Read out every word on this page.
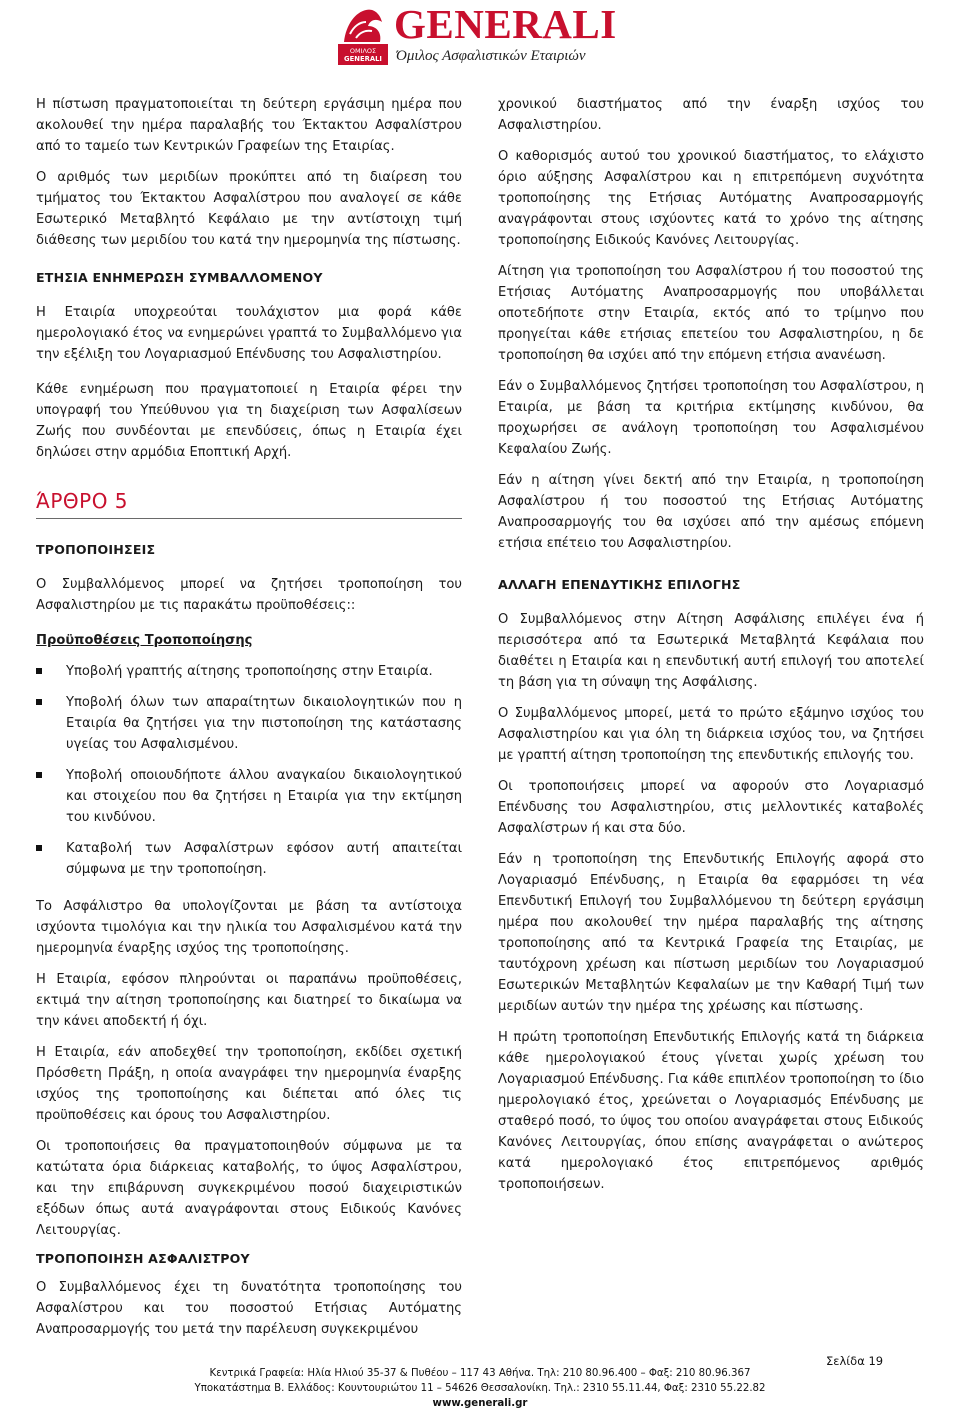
ΟΜΙΛΟΣ
GENERALI
GENERALI
Όμιλος Ασφαλιστικών Εταιριών

Η πίστωση πραγματοποιείται τη δεύτερη εργάσιμη ημέρα που ακολουθεί την ημέρα παραλαβής του Έκτακτου Ασφαλίστρου από το ταμείο των Κεντρικών Γραφείων της Εταιρίας.

Ο αριθμός των μεριδίων προκύπτει από τη διαίρεση του τμήματος του Έκτακτου Ασφαλίστρου που αναλογεί σε κάθε Εσωτερικό Μεταβλητό Κεφάλαιο με την αντίστοιχη τιμή διάθεσης των μεριδίου του κατά την ημερομηνία της πίστωσης.

ΕΤΗΣΙΑ ΕΝΗΜΕΡΩΣΗ ΣΥΜΒΑΛΛΟΜΕΝΟΥ

Η Εταιρία υποχρεούται τουλάχιστον μια φορά κάθε ημερολογιακό έτος να ενημερώνει γραπτά το Συμβαλλόμενο για την εξέλιξη του Λογαριασμού Επένδυσης του Ασφαλιστηρίου.

Κάθε ενημέρωση που πραγματοποιεί η Εταιρία φέρει την υπογραφή του Υπεύθυνου για τη διαχείριση των Ασφαλίσεων Ζωής που συνδέονται με επενδύσεις, όπως η Εταιρία έχει δηλώσει στην αρμόδια Εποπτική Αρχή.

ΆΡΘΡΟ 5
ΤΡΟΠΟΠΟΙΗΣΕΙΣ

Ο Συμβαλλόμενος μπορεί να ζητήσει τροποποίηση του Ασφαλιστηρίου με τις παρακάτω προϋποθέσεις::

Προϋποθέσεις Τροποποίησης
Υποβολή γραπτής αίτησης τροποποίησης στην Εταιρία.
Υποβολή όλων των απαραίτητων δικαιολογητικών που η Εταιρία θα ζητήσει για την πιστοποίηση της κατάστασης υγείας του Ασφαλισμένου.
Υποβολή οποιουδήποτε άλλου αναγκαίου δικαιολογητικού και στοιχείου που θα ζητήσει η Εταιρία για την εκτίμηση του κινδύνου.
Καταβολή των Ασφαλίστρων εφόσον αυτή απαιτείται σύμφωνα με την τροποποίηση.

Το Ασφάλιστρο θα υπολογίζονται με βάση τα αντίστοιχα ισχύοντα τιμολόγια και την ηλικία του Ασφαλισμένου κατά την ημερομηνία έναρξης ισχύος της τροποποίησης.

Η Εταιρία, εφόσον πληρούνται οι παραπάνω προϋποθέσεις, εκτιμά την αίτηση τροποποίησης και διατηρεί το δικαίωμα να την κάνει αποδεκτή ή όχι.

Η Εταιρία, εάν αποδεχθεί την τροποποίηση, εκδίδει σχετική Πρόσθετη Πράξη, η οποία αναγράφει την ημερομηνία έναρξης ισχύος της τροποποίησης και διέπεται από όλες τις προϋποθέσεις και όρους του Ασφαλιστηρίου.

Οι τροποποιήσεις θα πραγματοποιηθούν σύμφωνα με τα κατώτατα όρια διάρκειας καταβολής, το ύψος Ασφαλίστρου, και την επιβάρυνση συγκεκριμένου ποσού διαχειριστικών εξόδων όπως αυτά αναγράφονται στους Ειδικούς Κανόνες Λειτουργίας.

ΤΡΟΠΟΠΟΙΗΣΗ ΑΣΦΑΛΙΣΤΡΟΥ

Ο Συμβαλλόμενος έχει τη δυνατότητα τροποποίησης του Ασφαλίστρου και του ποσοστού Ετήσιας Αυτόματης Αναπροσαρμογής του μετά την παρέλευση συγκεκριμένου

χρονικού διαστήματος από την έναρξη ισχύος του Ασφαλιστηρίου.

Ο καθορισμός αυτού του χρονικού διαστήματος, το ελάχιστο όριο αύξησης Ασφαλίστρου και η επιτρεπόμενη συχνότητα τροποποίησης της Ετήσιας Αυτόματης Αναπροσαρμογής αναγράφονται στους ισχύοντες κατά το χρόνο της αίτησης τροποποίησης Ειδικούς Κανόνες Λειτουργίας.

Αίτηση για τροποποίηση του Ασφαλίστρου ή του ποσοστού της Ετήσιας Αυτόματης Αναπροσαρμογής που υποβάλλεται οποτεδήποτε στην Εταιρία, εκτός από το τρίμηνο που προηγείται κάθε ετήσιας επετείου του Ασφαλιστηρίου, η δε τροποποίηση θα ισχύει από την επόμενη ετήσια ανανέωση.

Εάν ο Συμβαλλόμενος ζητήσει τροποποίηση του Ασφαλίστρου, η Εταιρία, με βάση τα κριτήρια εκτίμησης κινδύνου, θα προχωρήσει σε ανάλογη τροποποίηση του Ασφαλισμένου Κεφαλαίου Ζωής.

Εάν η αίτηση γίνει δεκτή από την Εταιρία, η τροποποίηση Ασφαλίστρου ή του ποσοστού της Ετήσιας Αυτόματης Αναπροσαρμογής του θα ισχύσει από την αμέσως επόμενη ετήσια επέτειο του Ασφαλιστηρίου.

ΑΛΛΑΓΗ ΕΠΕΝΔΥΤΙΚΗΣ ΕΠΙΛΟΓΗΣ

Ο Συμβαλλόμενος στην Αίτηση Ασφάλισης επιλέγει ένα ή περισσότερα από τα Εσωτερικά Μεταβλητά Κεφάλαια που διαθέτει η Εταιρία και η επενδυτική αυτή επιλογή του αποτελεί τη βάση για τη σύναψη της Ασφάλισης.

Ο Συμβαλλόμενος μπορεί, μετά το πρώτο εξάμηνο ισχύος του Ασφαλιστηρίου και για όλη τη διάρκεια ισχύος του, να ζητήσει με γραπτή αίτηση τροποποίηση της επενδυτικής επιλογής του.

Οι τροποποιήσεις μπορεί να αφορούν στο Λογαριασμό Επένδυσης του Ασφαλιστηρίου, στις μελλοντικές καταβολές Ασφαλίστρων ή και στα δύο.

Εάν η τροποποίηση της Επενδυτικής Επιλογής αφορά στο Λογαριασμό Επένδυσης, η Εταιρία θα εφαρμόσει τη νέα Επενδυτική Επιλογή του Συμβαλλόμενου τη δεύτερη εργάσιμη ημέρα που ακολουθεί την ημέρα παραλαβής της αίτησης τροποποίησης από τα Κεντρικά Γραφεία της Εταιρίας, με ταυτόχρονη χρέωση και πίστωση μεριδίων του Λογαριασμού Εσωτερικών Μεταβλητών Κεφαλαίων με την Καθαρή Τιμή των μεριδίων αυτών την ημέρα της χρέωσης και πίστωσης.

Η πρώτη τροποποίηση Επενδυτικής Επιλογής κατά τη διάρκεια κάθε ημερολογιακού έτους γίνεται χωρίς χρέωση του Λογαριασμού Επένδυσης. Για κάθε επιπλέον τροποποίηση το ίδιο ημερολογιακό έτος, χρεώνεται ο Λογαριασμός Επένδυσης με σταθερό ποσό, το ύψος του οποίου αναγράφεται στους Ειδικούς Κανόνες Λειτουργίας, όπου επίσης αναγράφεται ο ανώτερος κατά ημερολογιακό έτος επιτρεπόμενος αριθμός τροποποιήσεων.

Σελίδα 19
Κεντρικά Γραφεία: Ηλία Ηλιού 35-37 & Πυθέου – 117 43 Αθήνα. Τηλ: 210 80.96.400 – Φαξ: 210 80.96.367
Υποκατάστημα Β. Ελλάδος: Κουντουριώτου 11 – 54626 Θεσσαλονίκη. Τηλ.: 2310 55.11.44, Φαξ: 2310 55.22.82
www.generali.gr
